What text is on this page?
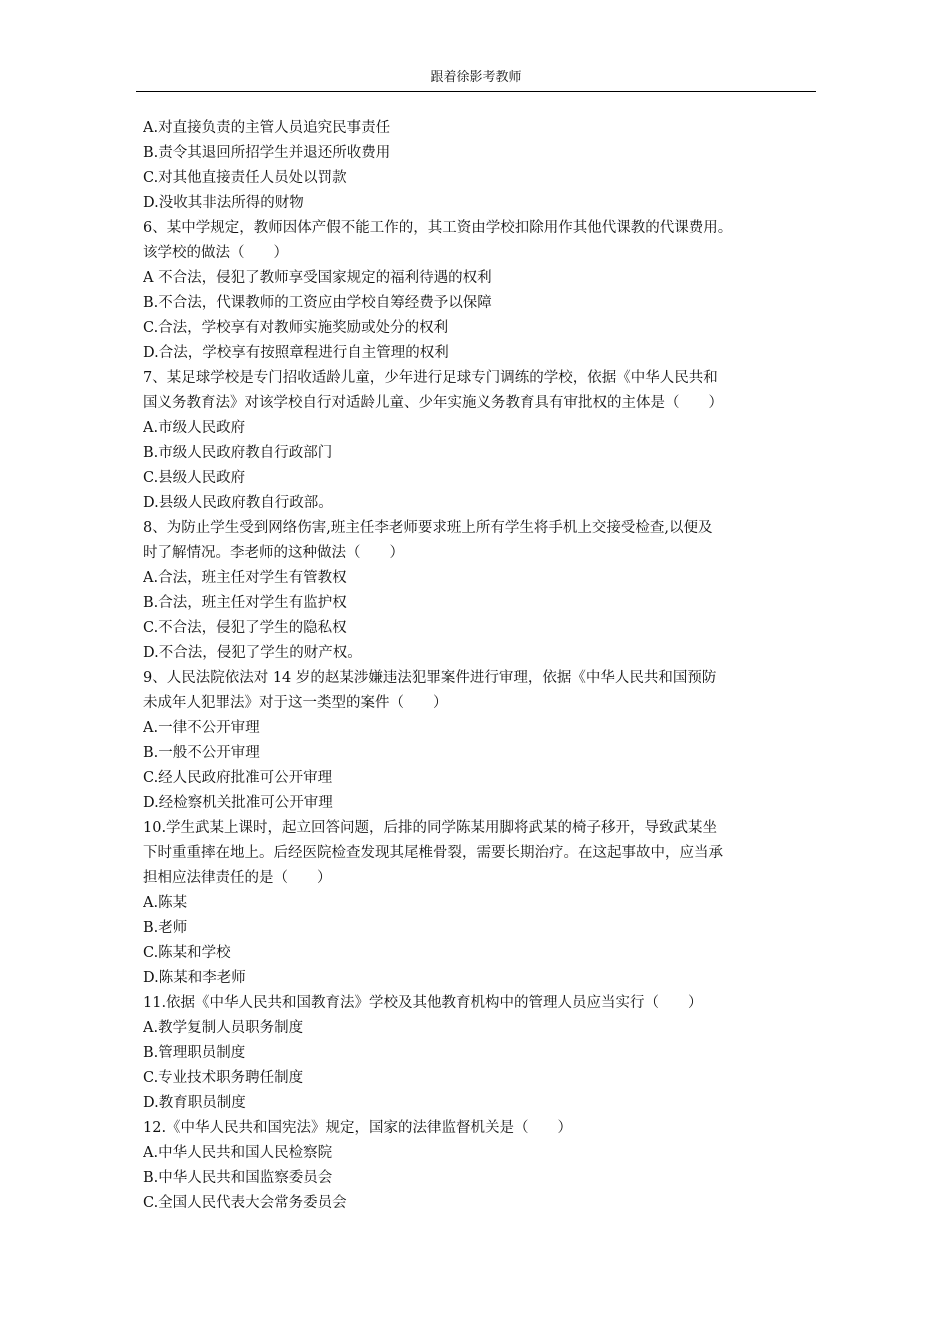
跟着徐影考教师
A.对直接负责的主管人员追究民事责任
B.责令其退回所招学生并退还所收费用
C.对其他直接责任人员处以罚款
D.没收其非法所得的财物
6、某中学规定，教师因体产假不能工作的，其工资由学校扣除用作其他代课教的代课费用。
该学校的做法（　　）
A 不合法，侵犯了教师享受国家规定的福利待遇的权利
B.不合法，代课教师的工资应由学校自筹经费予以保障
C.合法，学校享有对教师实施奖励或处分的权利
D.合法，学校享有按照章程进行自主管理的权利
7、某足球学校是专门招收适龄儿童，少年进行足球专门调练的学校，依据《中华人民共和
国义务教育法》对该学校自行对适龄儿童、少年实施义务教育具有审批权的主体是（　　）
A.市级人民政府
B.市级人民政府教自行政部门
C.县级人民政府
D.县级人民政府教自行政部。
8、为防止学生受到网络伤害,班主任李老师要求班上所有学生将手机上交接受检查,以便及
时了解情况。李老师的这种做法（　　）
A.合法，班主任对学生有管教权
B.合法，班主任对学生有监护权
C.不合法，侵犯了学生的隐私权
D.不合法，侵犯了学生的财产权。
9、人民法院依法对 14 岁的赵某涉嫌违法犯罪案件进行审理，依据《中华人民共和国预防
未成年人犯罪法》对于这一类型的案件（　　）
A.一律不公开审理
B.一般不公开审理
C.经人民政府批准可公开审理
D.经检察机关批准可公开审理
10.学生武某上课时，起立回答问题，后排的同学陈某用脚将武某的椅子移开，导致武某坐
下时重重摔在地上。后经医院检查发现其尾椎骨裂，需要长期治疗。在这起事故中，应当承
担相应法律责任的是（　　）
A.陈某
B.老师
C.陈某和学校
D.陈某和李老师
11.依据《中华人民共和国教育法》学校及其他教育机构中的管理人员应当实行（　　）
A.教学复制人员职务制度
B.管理职员制度
C.专业技术职务聘任制度
D.教育职员制度
12.《中华人民共和国宪法》规定，国家的法律监督机关是（　　）
A.中华人民共和国人民检察院
B.中华人民共和国监察委员会
C.全国人民代表大会常务委员会
